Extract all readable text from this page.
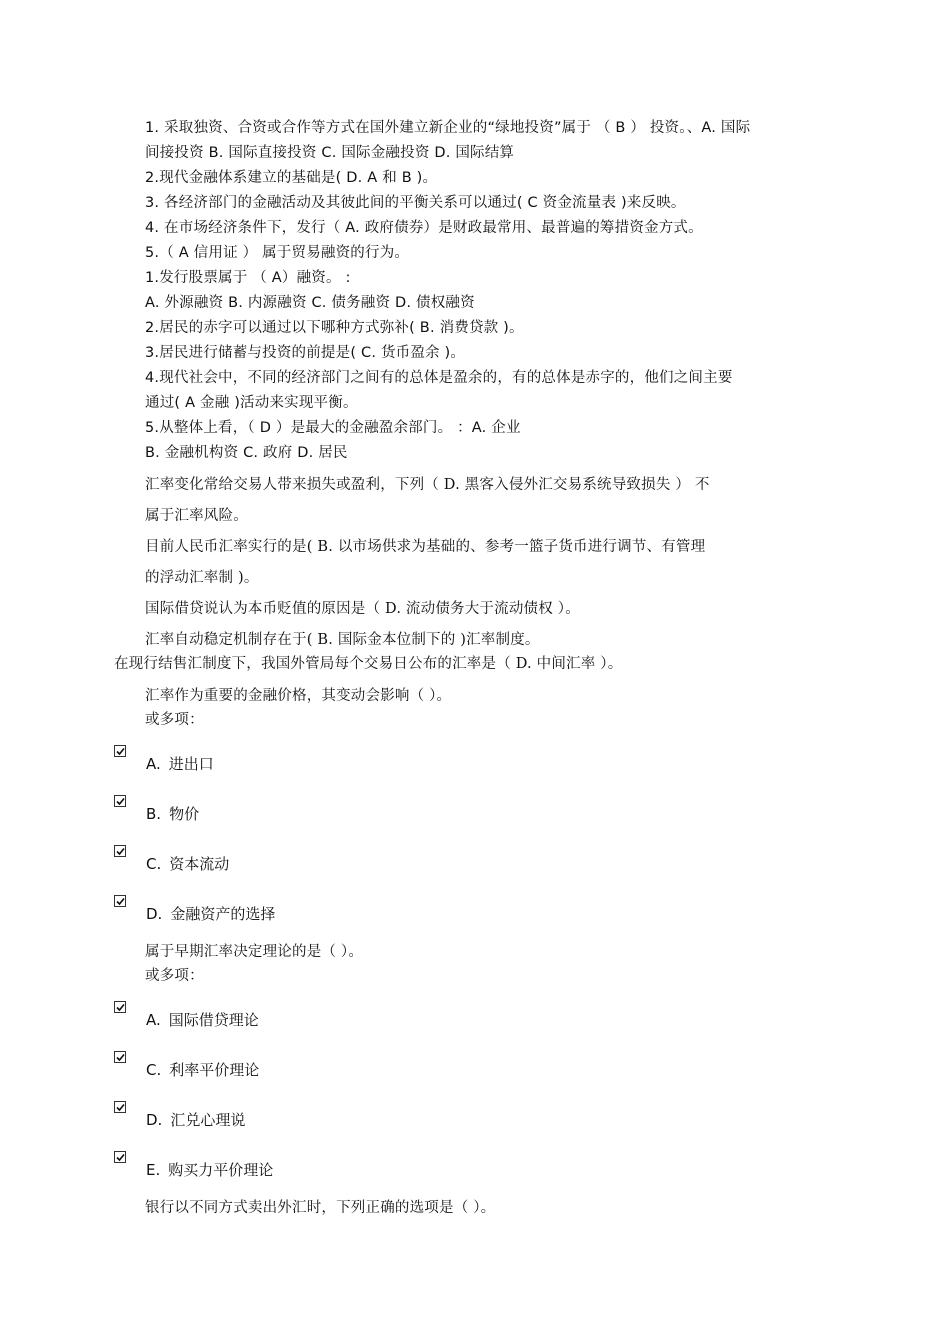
1. 采取独资、合资或合作等方式在国外建立新企业的“绿地投资”属于 （ B ） 投资。、A. 国际
间接投资 B. 国际直接投资 C. 国际金融投资 D. 国际结算
2.现代金融体系建立的基础是( D. A 和 B )。
3. 各经济部门的金融活动及其彼此间的平衡关系可以通过( C 资金流量表 )来反映。
4. 在市场经济条件下，发行（ A. 政府债券）是财政最常用、最普遍的筹措资金方式。
5.（ A 信用证 ） 属于贸易融资的行为。
1.发行股票属于 （ A）融资。 :
A. 外源融资 B. 内源融资 C. 债务融资 D. 债权融资
2.居民的赤字可以通过以下哪种方式弥补( B. 消费贷款 )。
3.居民进行储蓄与投资的前提是( C. 货币盈余 )。
4.现代社会中，不同的经济部门之间有的总体是盈余的，有的总体是赤字的，他们之间主要
通过( A 金融 )活动来实现平衡。
5.从整体上看，（ D ）是最大的金融盈余部门。 ：A. 企业
B. 金融机构资 C. 政府 D. 居民
汇率变化常给交易人带来损失或盈利，下列（ D. 黑客入侵外汇交易系统导致损失 ） 不
属于汇率风险。
目前人民币汇率实行的是( B. 以市场供求为基础的、参考一篮子货币进行调节、有管理
的浮动汇率制 )。
国际借贷说认为本币贬值的原因是（ D. 流动债务大于流动债权 ）。
汇率自动稳定机制存在于( B. 国际金本位制下的 )汇率制度。
在现行结售汇制度下，我国外管局每个交易日公布的汇率是（ D. 中间汇率 ）。
汇率作为重要的金融价格，其变动会影响（ ）。
或多项：
A. 进出口
B. 物价
C. 资本流动
D. 金融资产的选择
属于早期汇率决定理论的是（ ）。
或多项：
A. 国际借贷理论
C. 利率平价理论
D. 汇兑心理说
E. 购买力平价理论
银行以不同方式卖出外汇时，下列正确的选项是（ ）。
